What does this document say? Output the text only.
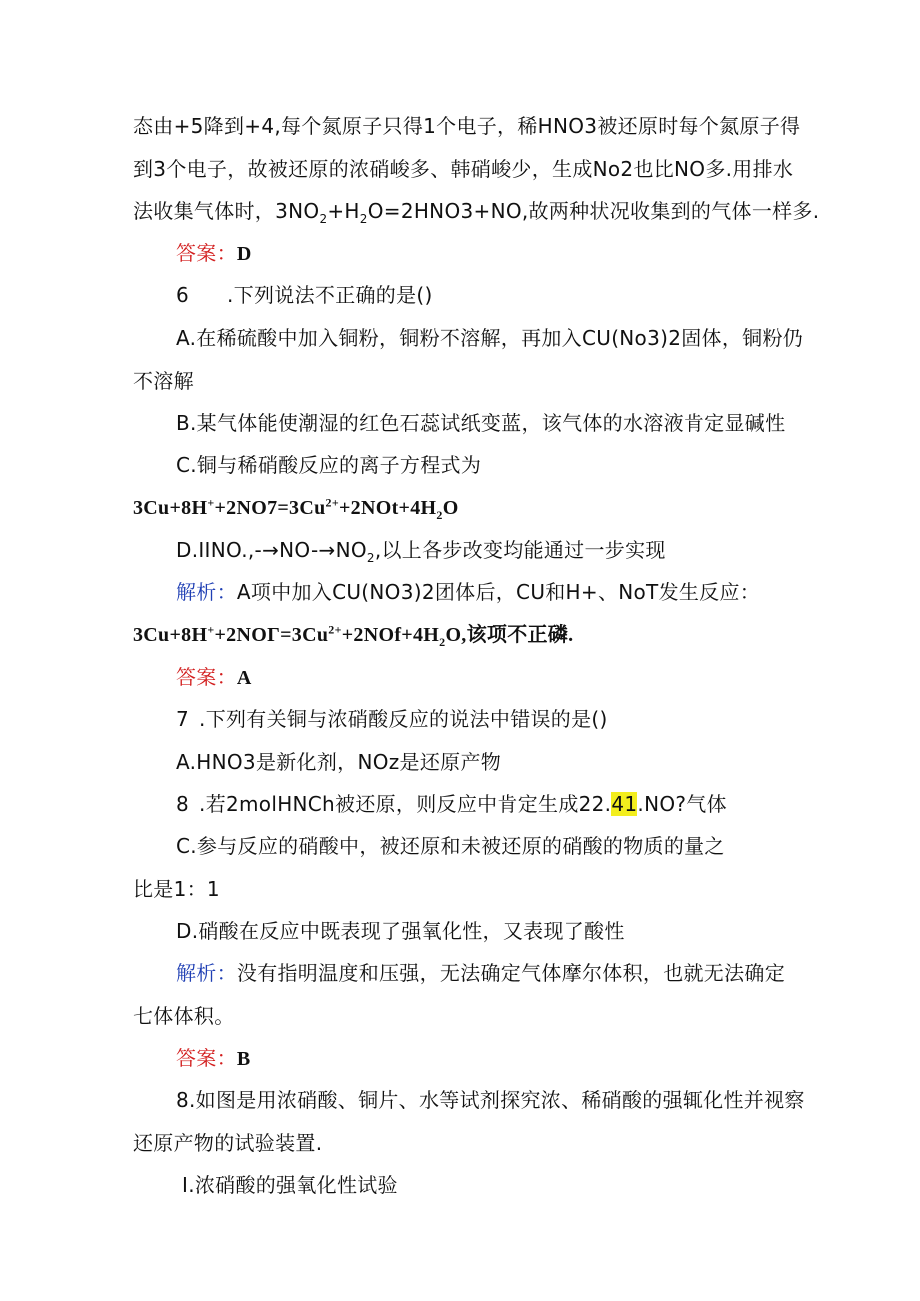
态由+5降到+4,每个氮原子只得1个电子，稀HNO3被还原时每个氮原子得
到3个电子，故被还原的浓硝峻多、韩硝峻少，生成No2也比NO多.用排水
法收集气体时，$3NO_2+H_2O=2HNO3+NO$,故两种状况收集到的气体一样多.
答案：D
6 .下列说法不正确的是()
A.在稀硫酸中加入铜粉，铜粉不溶解，再加入CU(No3)2固体，铜粉仍
不溶解
B.某气体能使潮湿的红色石蕊试纸变蓝，该气体的水溶液肯定显碱性
C.铜与稀硝酸反应的离子方程式为
$3Cu+8H^++2NO7=3Cu^{2+}+2NOt+4H_2O$
$D.IINO.,-\to NO-\to NO_2$,以上各步改变均能通过一步实现
解析：A项中加入CU(NO3)2团体后，CU和H+、NoT发生反应：
$3Cu+8H^++2NO\Gamma=3Cu^{2+}+2NOf+4H_2O$,该项不正磷.
答案：A
7 .下列有关铜与浓硝酸反应的说法中错误的是()
A.HNO3是新化剂，NOz是还原产物
8 .若2molHNCh被还原，则反应中肯定生成22.41.NO?气体
C.参与反应的硝酸中，被还原和未被还原的硝酸的物质的量之
比是1：1
D.硝酸在反应中既表现了强氧化性，又表现了酸性
解析：没有指明温度和压强，无法确定气体摩尔体积，也就无法确定
七体体积。
答案：B
8.如图是用浓硝酸、铜片、水等试剂探究浓、稀硝酸的强辄化性并视察
还原产物的试验装置.
I.浓硝酸的强氧化性试验
